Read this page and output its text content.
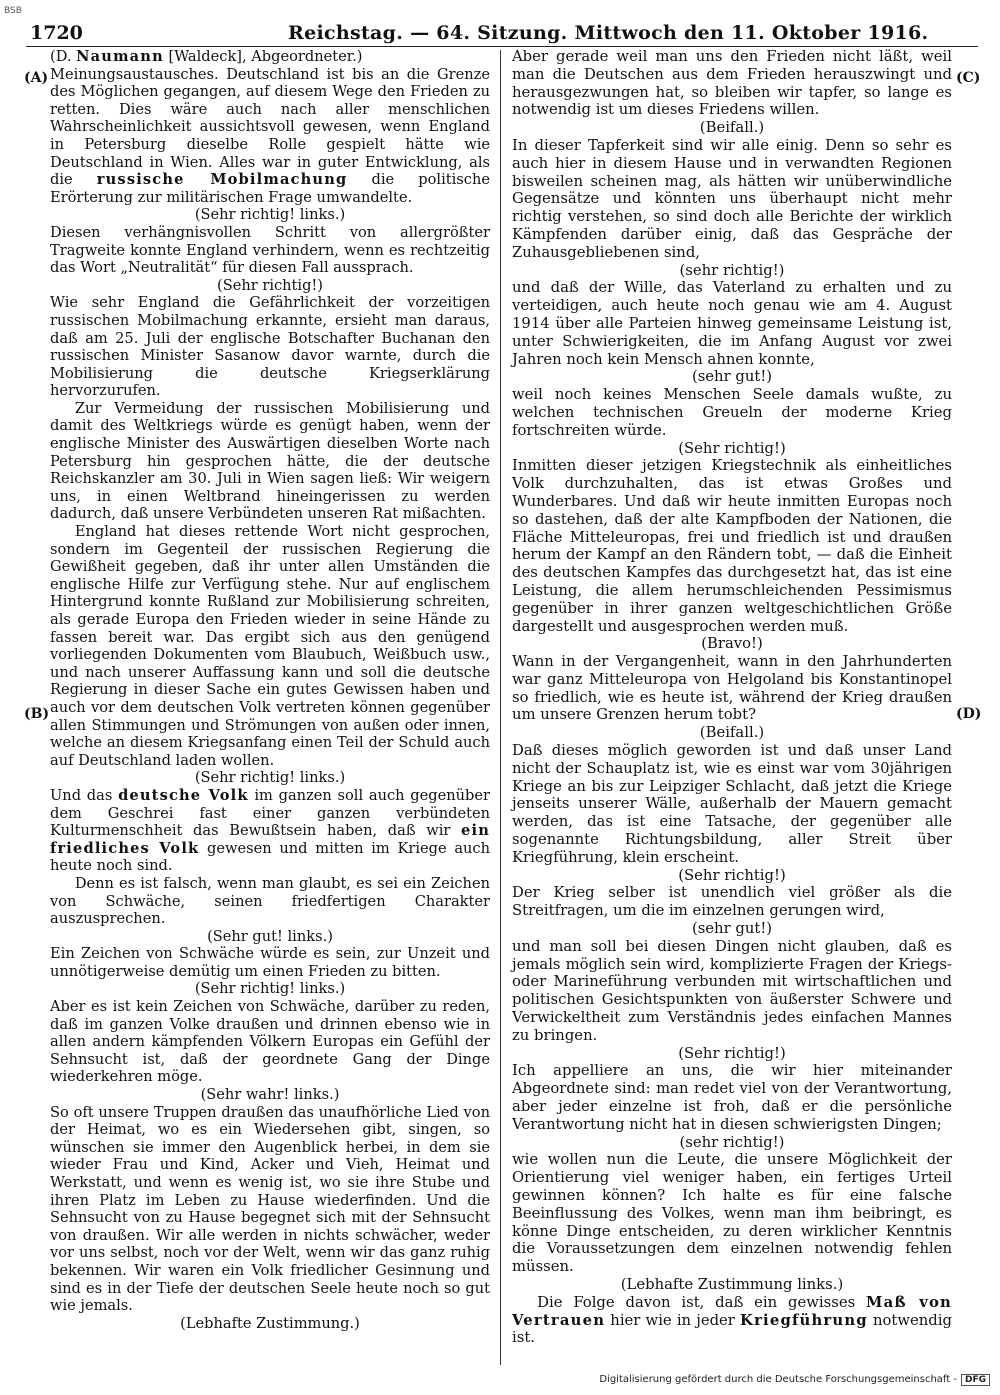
BSB
1720	Reichstag. — 64. Sitzung. Mittwoch den 11. Oktober 1916.
(A)
(B)
(C)
(D)

(D. Naumann [Waldeck], Abgeordneter.)

Meinungsaustausches. Deutschland ist bis an die Grenze des Möglichen gegangen, auf diesem Wege den Frieden zu retten. Dies wäre auch nach aller menschlichen Wahrscheinlichkeit aussichtsvoll gewesen, wenn England in Petersburg dieselbe Rolle gespielt hätte wie Deutschland in Wien. Alles war in guter Entwicklung, als die russische Mobilmachung die politische Erörterung zur militärischen Frage umwandelte.

(Sehr richtig! links.)

Diesen verhängnisvollen Schritt von allergrößter Tragweite konnte England verhindern, wenn es rechtzeitig das Wort „Neutralität“ für diesen Fall aussprach.

(Sehr richtig!)

Wie sehr England die Gefährlichkeit der vorzeitigen russischen Mobilmachung erkannte, ersieht man daraus, daß am 25. Juli der englische Botschafter Buchanan den russischen Minister Sasanow davor warnte, durch die Mobilisierung die deutsche Kriegserklärung hervorzurufen.

Zur Vermeidung der russischen Mobilisierung und damit des Weltkriegs würde es genügt haben, wenn der englische Minister des Auswärtigen dieselben Worte nach Petersburg hin gesprochen hätte, die der deutsche Reichskanzler am 30. Juli in Wien sagen ließ: Wir weigern uns, in einen Weltbrand hineingerissen zu werden dadurch, daß unsere Verbündeten unseren Rat mißachten.

England hat dieses rettende Wort nicht gesprochen, sondern im Gegenteil der russischen Regierung die Gewißheit gegeben, daß ihr unter allen Umständen die englische Hilfe zur Verfügung stehe. Nur auf englischem Hintergrund konnte Rußland zur Mobilisierung schreiten, als gerade Europa den Frieden wieder in seine Hände zu fassen bereit war. Das ergibt sich aus den genügend vorliegenden Dokumenten vom Blaubuch, Weißbuch usw., und nach unserer Auffassung kann und soll die deutsche Regierung in dieser Sache ein gutes Gewissen haben und auch vor dem deutschen Volk vertreten können gegenüber allen Stimmungen und Strömungen von außen oder innen, welche an diesem Kriegsanfang einen Teil der Schuld auch auf Deutschland laden wollen.

(Sehr richtig! links.)

Und das deutsche Volk im ganzen soll auch gegenüber dem Geschrei fast einer ganzen verbündeten Kulturmenschheit das Bewußtsein haben, daß wir ein friedliches Volk gewesen und mitten im Kriege auch heute noch sind.

Denn es ist falsch, wenn man glaubt, es sei ein Zeichen von Schwäche, seinen friedfertigen Charakter auszusprechen.

(Sehr gut! links.)

Ein Zeichen von Schwäche würde es sein, zur Unzeit und unnötigerweise demütig um einen Frieden zu bitten.

(Sehr richtig! links.)

Aber es ist kein Zeichen von Schwäche, darüber zu reden, daß im ganzen Volke draußen und drinnen ebenso wie in allen andern kämpfenden Völkern Europas ein Gefühl der Sehnsucht ist, daß der geordnete Gang der Dinge wiederkehren möge.

(Sehr wahr! links.)

So oft unsere Truppen draußen das unaufhörliche Lied von der Heimat, wo es ein Wiedersehen gibt, singen, so wünschen sie immer den Augenblick herbei, in dem sie wieder Frau und Kind, Acker und Vieh, Heimat und Werkstatt, und wenn es wenig ist, wo sie ihre Stube und ihren Platz im Leben zu Hause wiederfinden. Und die Sehnsucht von zu Hause begegnet sich mit der Sehnsucht von draußen. Wir alle werden in nichts schwächer, weder vor uns selbst, noch vor der Welt, wenn wir das ganz ruhig bekennen. Wir waren ein Volk friedlicher Gesinnung und sind es in der Tiefe der deutschen Seele heute noch so gut wie jemals.

(Lebhafte Zustimmung.)

Aber gerade weil man uns den Frieden nicht läßt, weil man die Deutschen aus dem Frieden herauszwingt und herausgezwungen hat, so bleiben wir tapfer, so lange es notwendig ist um dieses Friedens willen.

(Beifall.)

In dieser Tapferkeit sind wir alle einig. Denn so sehr es auch hier in diesem Hause und in verwandten Regionen bisweilen scheinen mag, als hätten wir unüberwindliche Gegensätze und könnten uns überhaupt nicht mehr richtig verstehen, so sind doch alle Berichte der wirklich Kämpfenden darüber einig, daß das Gespräche der Zuhausgebliebenen sind,

(sehr richtig!)

und daß der Wille, das Vaterland zu erhalten und zu verteidigen, auch heute noch genau wie am 4. August 1914 über alle Parteien hinweg gemeinsame Leistung ist, unter Schwierigkeiten, die im Anfang August vor zwei Jahren noch kein Mensch ahnen konnte,

(sehr gut!)

weil noch keines Menschen Seele damals wußte, zu welchen technischen Greueln der moderne Krieg fortschreiten würde.

(Sehr richtig!)

Inmitten dieser jetzigen Kriegstechnik als einheitliches Volk durchzuhalten, das ist etwas Großes und Wunderbares. Und daß wir heute inmitten Europas noch so dastehen, daß der alte Kampfboden der Nationen, die Fläche Mitteleuropas, frei und friedlich ist und draußen herum der Kampf an den Rändern tobt, — daß die Einheit des deutschen Kampfes das durchgesetzt hat, das ist eine Leistung, die allem herumschleichenden Pessimismus gegenüber in ihrer ganzen weltgeschichtlichen Größe dargestellt und ausgesprochen werden muß.

(Bravo!)

Wann in der Vergangenheit, wann in den Jahrhunderten war ganz Mitteleuropa von Helgoland bis Konstantinopel so friedlich, wie es heute ist, während der Krieg draußen um unsere Grenzen herum tobt?

(Beifall.)

Daß dieses möglich geworden ist und daß unser Land nicht der Schauplatz ist, wie es einst war vom 30jährigen Kriege an bis zur Leipziger Schlacht, daß jetzt die Kriege jenseits unserer Wälle, außerhalb der Mauern gemacht werden, das ist eine Tatsache, der gegenüber alle sogenannte Richtungsbildung, aller Streit über Kriegführung, klein erscheint.

(Sehr richtig!)

Der Krieg selber ist unendlich viel größer als die Streitfragen, um die im einzelnen gerungen wird,

(sehr gut!)

und man soll bei diesen Dingen nicht glauben, daß es jemals möglich sein wird, komplizierte Fragen der Kriegs- oder Marineführung verbunden mit wirtschaftlichen und politischen Gesichtspunkten von äußerster Schwere und Verwickeltheit zum Verständnis jedes einfachen Mannes zu bringen.

(Sehr richtig!)

Ich appelliere an uns, die wir hier miteinander Abgeordnete sind: man redet viel von der Verantwortung, aber jeder einzelne ist froh, daß er die persönliche Verantwortung nicht hat in diesen schwierigsten Dingen;

(sehr richtig!)

wie wollen nun die Leute, die unsere Möglichkeit der Orientierung viel weniger haben, ein fertiges Urteil gewinnen können? Ich halte es für eine falsche Beeinflussung des Volkes, wenn man ihm beibringt, es könne Dinge entscheiden, zu deren wirklicher Kenntnis die Voraussetzungen dem einzelnen notwendig fehlen müssen.

(Lebhafte Zustimmung links.)

Die Folge davon ist, daß ein gewisses Maß von Vertrauen hier wie in jeder Kriegführung notwendig ist.

Digitalisierung gefördert durch die Deutsche Forschungsgemeinschaft - DFG
